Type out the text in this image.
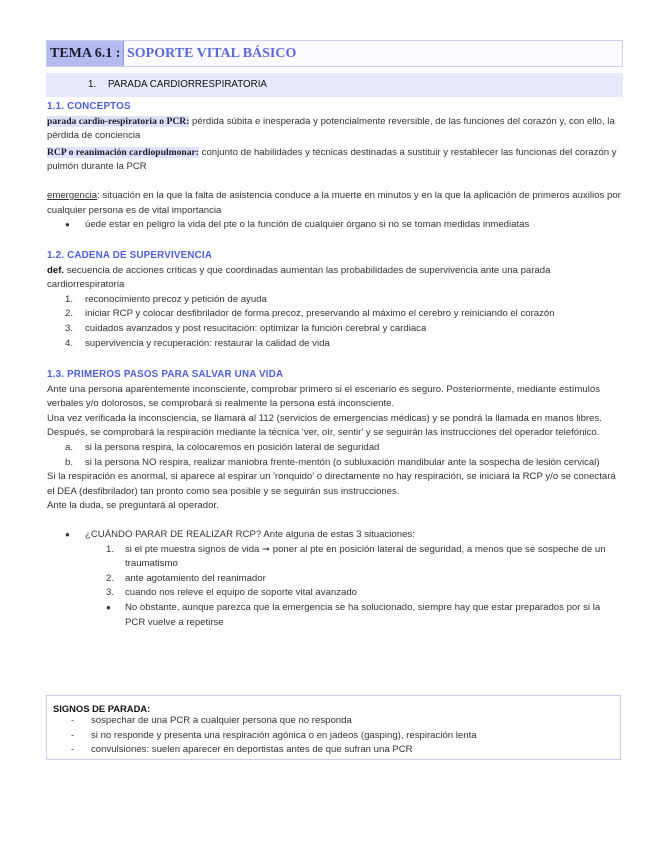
TEMA 6.1 : SOPORTE VITAL BÁSICO
1. PARADA CARDIORRESPIRATORIA
1.1. CONCEPTOS
parada cardio-respiratoria o PCR: pérdida súbita e inesperada y potencialmente reversible, de las funciones del corazón y, con ello, la pérdida de conciencia
RCP o reanimación cardiopulmonar: conjunto de habilidades y técnicas destinadas a sustituir y restablecer las funcionas del corazón y pulmón durante la PCR
emergencia: situación en la que la falta de asistencia conduce a la muerte en minutos y en la que la aplicación de primeros auxilios por cualquier persona es de vital importancia
● úede estar en peligro la vida del pte o la función de cualquier órgano si no se toman medidas inmediatas
1.2. CADENA DE SUPERVIVENCIA
def. secuencia de acciones críticas y que coordinadas aumentan las probabilidades de supervivencia ante una parada cardiorrespiratoria
1. reconocimiento precoz y petición de ayuda
2. iniciar RCP y colocar desfibrilador de forma precoz, preservando al máximo el cerebro y reiniciando el corazón
3. cuidados avanzados y post resucitación: optimizar la función cerebral y cardiaca
4. supervivencia y recuperación: restaurar la calidad de vida
1.3. PRIMEROS PASOS PARA SALVAR UNA VIDA
Ante una persona aparentemente inconsciente, comprobar primero si el escenario es seguro. Posteriormente, mediante estímulos verbales y/o dolorosos, se comprobará si realmente la persona está inconsciente.
Una vez verificada la inconsciencia, se llamará al 112 (servicios de emergencias médicas) y se pondrá la llamada en manos libres.
Después, se comprobará la respiración mediante la técnica 'ver, oír, sentir' y se seguirán las instrucciones del operador telefónico.
a. si la persona respira, la colocaremos en posición lateral de seguridad
b. si la persona NO respira, realizar maniobra frente-mentón (o subluxación mandibular ante la sospecha de lesión cervical)
Si la respiración es anormal, si aparece al espirar un 'ronquido' o directamente no hay respiración, se iniciará la RCP y/o se conectará el DEA (desfibrilador) tan pronto como sea posible y se seguirán sus instrucciones.
Ante la duda, se preguntará al operador.
● ¿CUÁNDO PARAR DE REALIZAR RCP? Ante alguna de estas 3 situaciones:
1. si el pte muestra signos de vida ➞ poner al pte en posición lateral de seguridad, a menos que se sospeche de un traumatismo
2. ante agotamiento del reanimador
3. cuando nos releve el equipo de soporte vital avanzado
● No obstante, aunque parezca que la emergencia se ha solucionado, siempre hay que estar preparados por si la PCR vuelve a repetirse
SIGNOS DE PARADA:
- sospechar de una PCR a cualquier persona que no responda
- si no responde y presenta una respiración agónica o en jadeos (gasping), respiración lenta
- convulsiones: suelen aparecer en deportistas antes de que sufran una PCR
